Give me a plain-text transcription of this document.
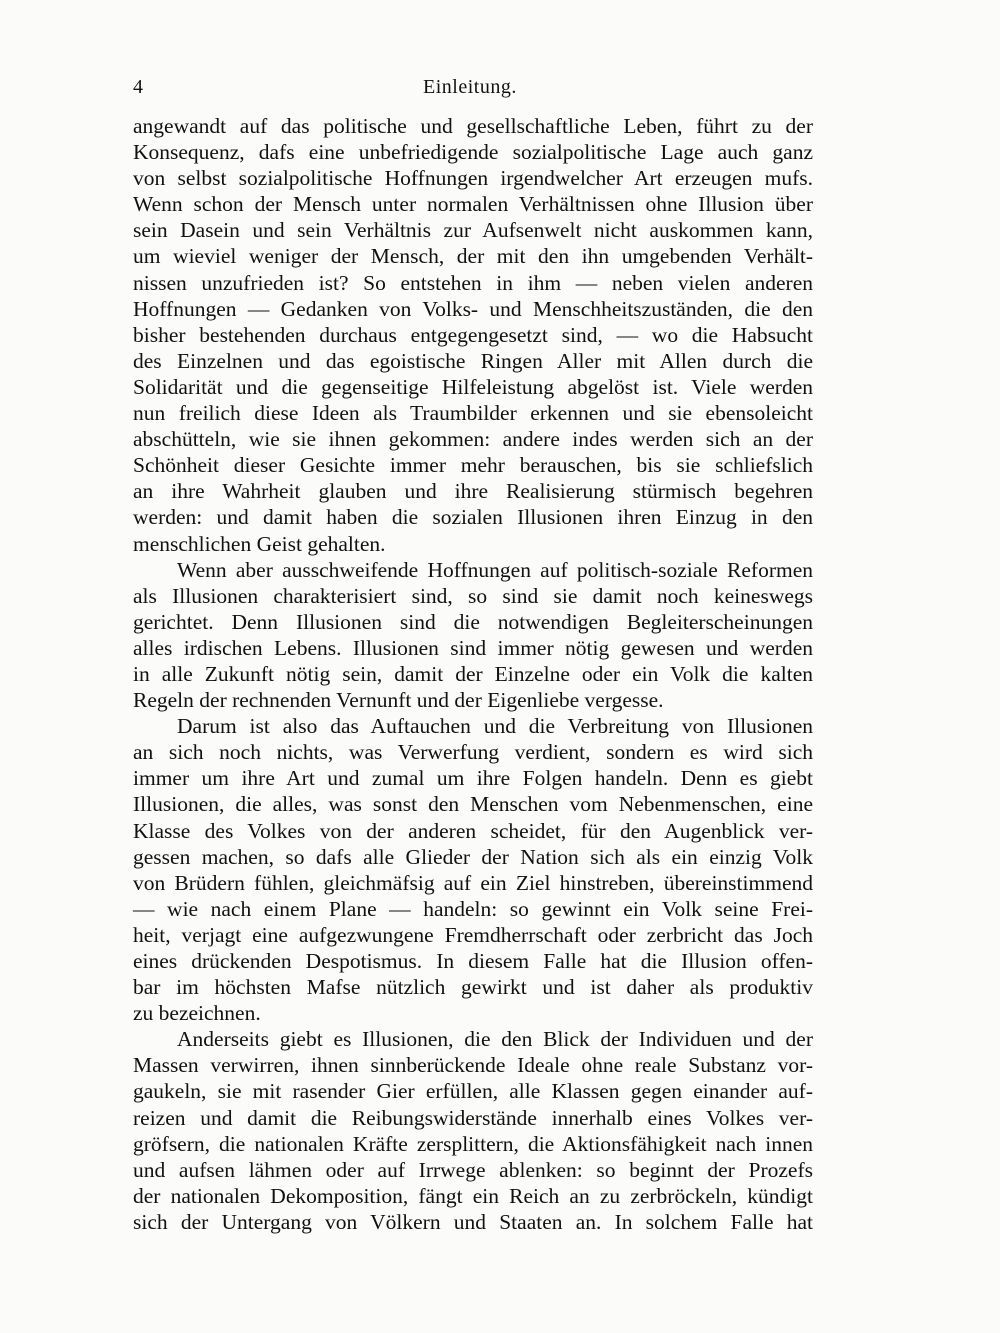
4	Einleitung.
angewandt auf das politische und gesellschaftliche Leben, führt zu der
Konsequenz, dafs eine unbefriedigende sozialpolitische Lage auch ganz
von selbst sozialpolitische Hoffnungen irgendwelcher Art erzeugen mufs.
Wenn schon der Mensch unter normalen Verhältnissen ohne Illusion über
sein Dasein und sein Verhältnis zur Aufsenwelt nicht auskommen kann,
um wieviel weniger der Mensch, der mit den ihn umgebenden Verhält-
nissen unzufrieden ist? So entstehen in ihm — neben vielen anderen
Hoffnungen — Gedanken von Volks- und Menschheitszuständen, die den
bisher bestehenden durchaus entgegengesetzt sind, — wo die Habsucht
des Einzelnen und das egoistische Ringen Aller mit Allen durch die
Solidarität und die gegenseitige Hilfeleistung abgelöst ist. Viele werden
nun freilich diese Ideen als Traumbilder erkennen und sie ebensoleicht
abschütteln, wie sie ihnen gekommen: andere indes werden sich an der
Schönheit dieser Gesichte immer mehr berauschen, bis sie schliefslich
an ihre Wahrheit glauben und ihre Realisierung stürmisch begehren
werden: und damit haben die sozialen Illusionen ihren Einzug in den
menschlichen Geist gehalten.
Wenn aber ausschweifende Hoffnungen auf politisch-soziale Reformen
als Illusionen charakterisiert sind, so sind sie damit noch keineswegs
gerichtet. Denn Illusionen sind die notwendigen Begleiterscheinungen
alles irdischen Lebens. Illusionen sind immer nötig gewesen und werden
in alle Zukunft nötig sein, damit der Einzelne oder ein Volk die kalten
Regeln der rechnenden Vernunft und der Eigenliebe vergesse.
Darum ist also das Auftauchen und die Verbreitung von Illusionen
an sich noch nichts, was Verwerfung verdient, sondern es wird sich
immer um ihre Art und zumal um ihre Folgen handeln. Denn es giebt
Illusionen, die alles, was sonst den Menschen vom Nebenmenschen, eine
Klasse des Volkes von der anderen scheidet, für den Augenblick ver-
gessen machen, so dafs alle Glieder der Nation sich als ein einzig Volk
von Brüdern fühlen, gleichmäfsig auf ein Ziel hinstreben, übereinstimmend
— wie nach einem Plane — handeln: so gewinnt ein Volk seine Frei-
heit, verjagt eine aufgezwungene Fremdherrschaft oder zerbricht das Joch
eines drückenden Despotismus. In diesem Falle hat die Illusion offen-
bar im höchsten Mafse nützlich gewirkt und ist daher als produktiv
zu bezeichnen.
Anderseits giebt es Illusionen, die den Blick der Individuen und der
Massen verwirren, ihnen sinnberückende Ideale ohne reale Substanz vor-
gaukeln, sie mit rasender Gier erfüllen, alle Klassen gegen einander auf-
reizen und damit die Reibungswiderstände innerhalb eines Volkes ver-
gröfsern, die nationalen Kräfte zersplittern, die Aktionsfähigkeit nach innen
und aufsen lähmen oder auf Irrwege ablenken: so beginnt der Prozefs
der nationalen Dekomposition, fängt ein Reich an zu zerbröckeln, kündigt
sich der Untergang von Völkern und Staaten an. In solchem Falle hat
